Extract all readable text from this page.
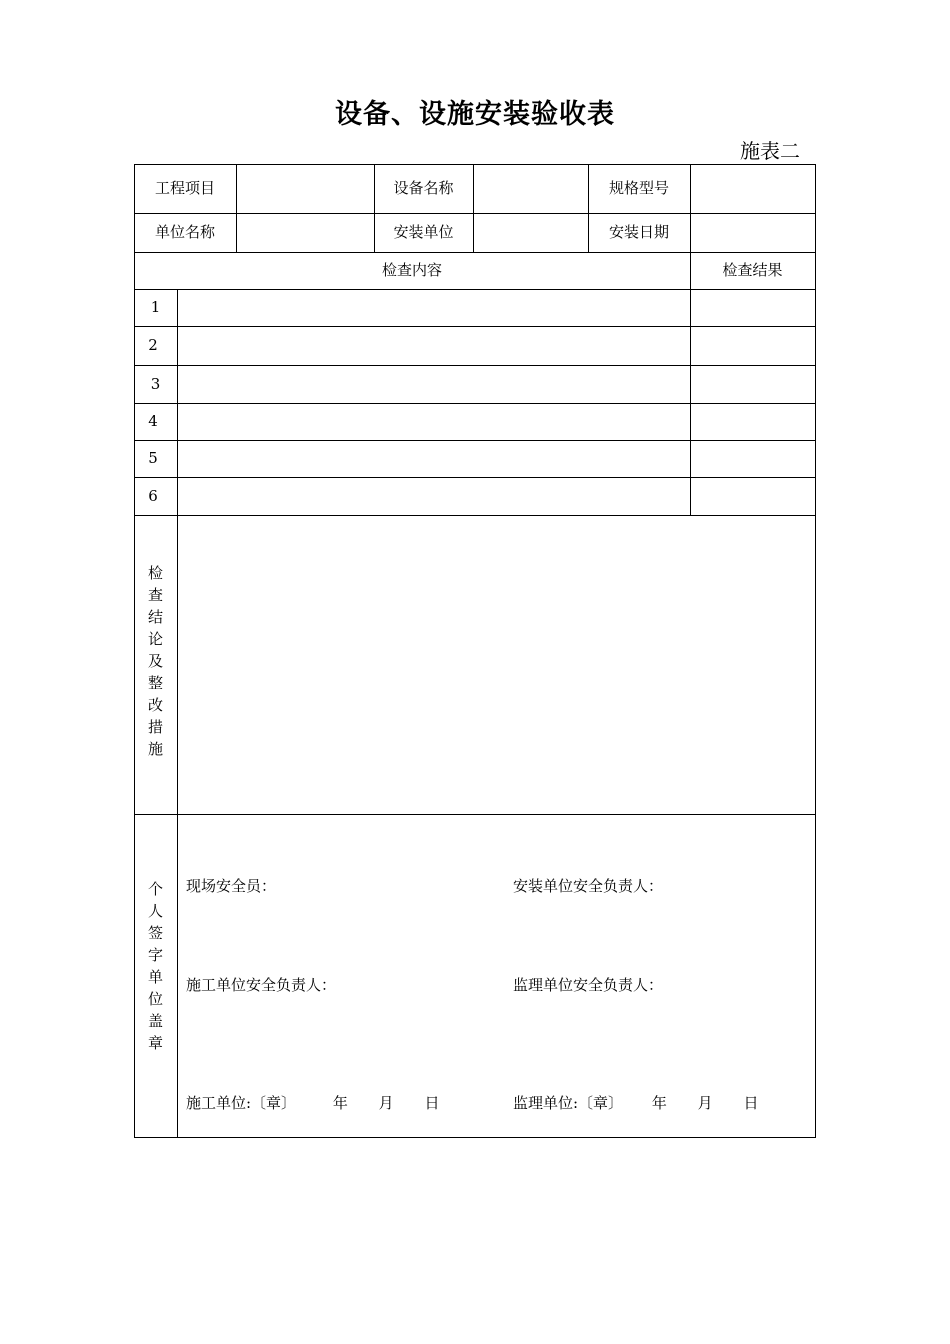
设备、设施安装验收表
施表二
工程项目	设备名称	规格型号
单位名称	安装单位	安装日期
检查内容	检查结果
1
2
3
4
5
6
检
查
结
论
及
整
改
措
施
个
人
签
字
单
位
盖
章
现场安全员：	安装单位安全负责人：
施工单位安全负责人：	监理单位安全负责人：
施工单位:〔章〕 年 月 日	监理单位:〔章〕 年 月 日
